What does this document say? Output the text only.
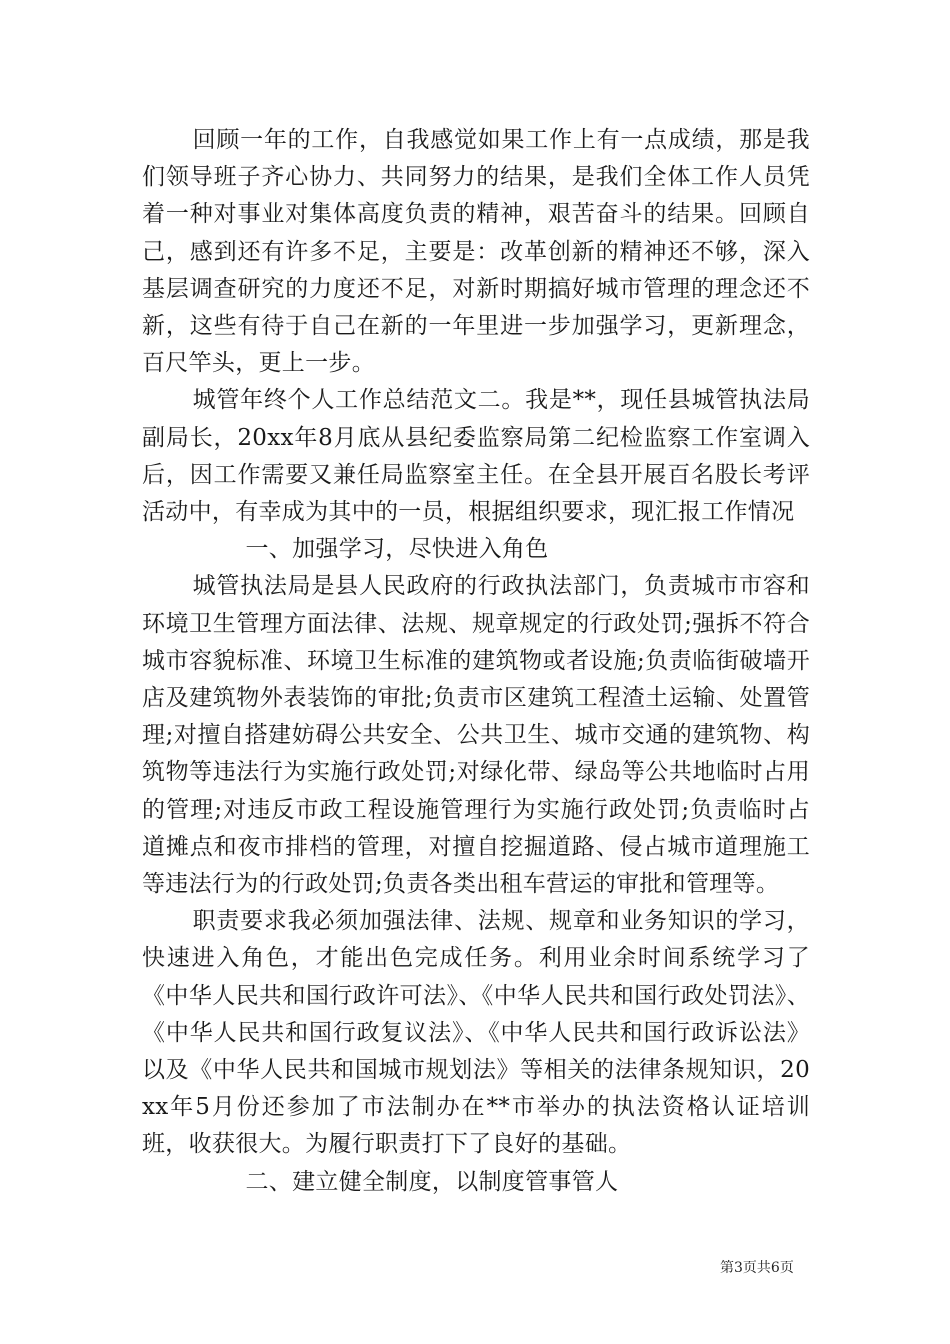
回顾一年的工作，自我感觉如果工作上有一点成绩，那是我们领导班子齐心协力、共同努力的结果，是我们全体工作人员凭着一种对事业对集体高度负责的精神，艰苦奋斗的结果。回顾自己，感到还有许多不足，主要是：改革创新的精神还不够，深入基层调查研究的力度还不足，对新时期搞好城市管理的理念还不新，这些有待于自己在新的一年里进一步加强学习，更新理念，百尺竿头，更上一步。

城管年终个人工作总结范文二。我是**，现任县城管执法局副局长，20xx年8月底从县纪委监察局第二纪检监察工作室调入后，因工作需要又兼任局监察室主任。在全县开展百名股长考评活动中，有幸成为其中的一员，根据组织要求，现汇报工作情况

一、加强学习，尽快进入角色

城管执法局是县人民政府的行政执法部门，负责城市市容和环境卫生管理方面法律、法规、规章规定的行政处罚;强拆不符合城市容貌标准、环境卫生标准的建筑物或者设施;负责临街破墙开店及建筑物外表装饰的审批;负责市区建筑工程渣土运输、处置管理;对擅自搭建妨碍公共安全、公共卫生、城市交通的建筑物、构筑物等违法行为实施行政处罚;对绿化带、绿岛等公共地临时占用的管理;对违反市政工程设施管理行为实施行政处罚;负责临时占道摊点和夜市排档的管理，对擅自挖掘道路、侵占城市道理施工等违法行为的行政处罚;负责各类出租车营运的审批和管理等。

职责要求我必须加强法律、法规、规章和业务知识的学习，快速进入角色，才能出色完成任务。利用业余时间系统学习了《中华人民共和国行政许可法》、《中华人民共和国行政处罚法》、《中华人民共和国行政复议法》、《中华人民共和国行政诉讼法》以及《中华人民共和国城市规划法》等相关的法律条规知识，20xx年5月份还参加了市法制办在**市举办的执法资格认证培训班，收获很大。为履行职责打下了良好的基础。

二、建立健全制度，以制度管事管人

第3页共6页
